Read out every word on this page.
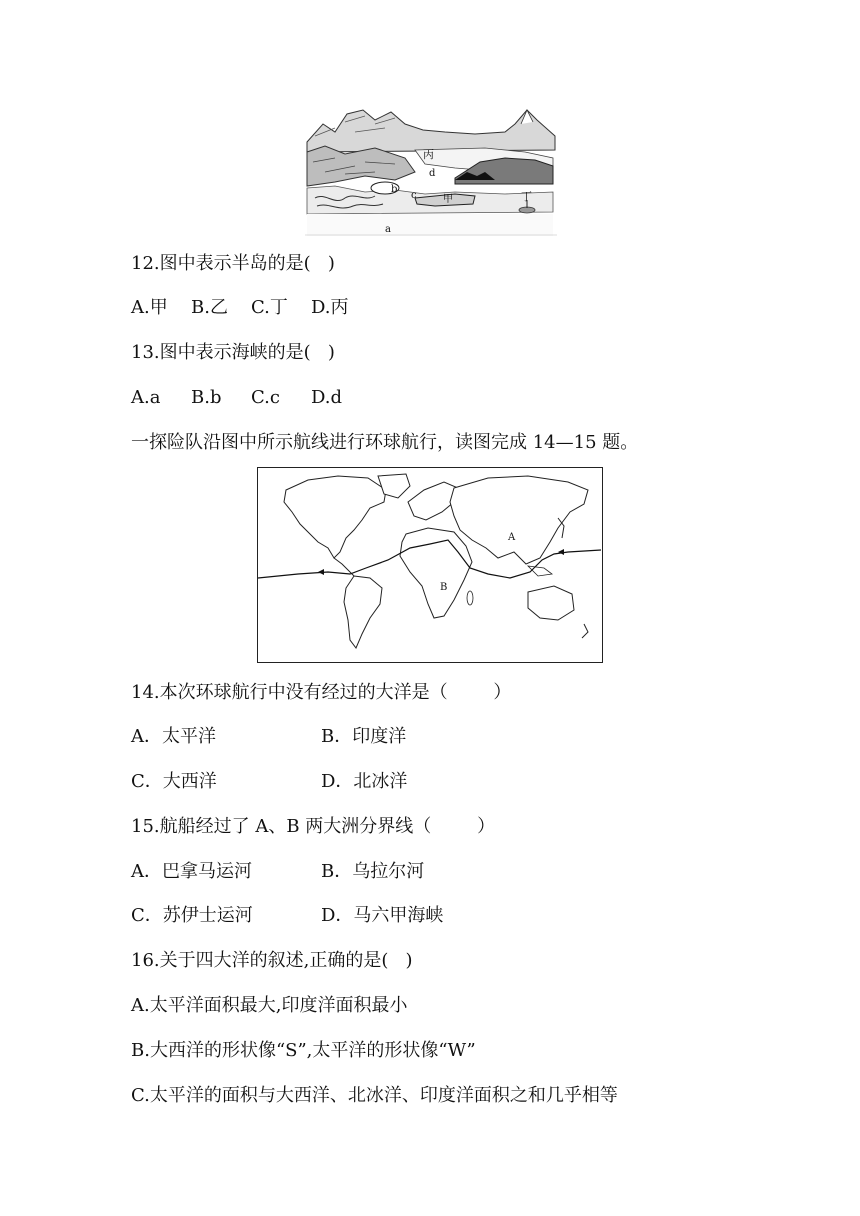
丙
d
b
c	甲	丁
a
12.图中表示半岛的是(   )
A.甲 B.乙 C.丁 D.丙
13.图中表示海峡的是(   )
A.a B.b C.c D.d
一探险队沿图中所示航线进行环球航行，读图完成 14—15 题。
A
B
14.本次环球航行中没有经过的大洋是（        ）
A．太平洋	B．印度洋
C．大西洋	D．北冰洋
15.航船经过了 A、B 两大洲分界线（        ）
A．巴拿马运河	B．乌拉尔河
C．苏伊士运河	D．马六甲海峡
16.关于四大洋的叙述,正确的是(   )
A.太平洋面积最大,印度洋面积最小
B.大西洋的形状像“S”,太平洋的形状像“W”
C.太平洋的面积与大西洋、北冰洋、印度洋面积之和几乎相等
